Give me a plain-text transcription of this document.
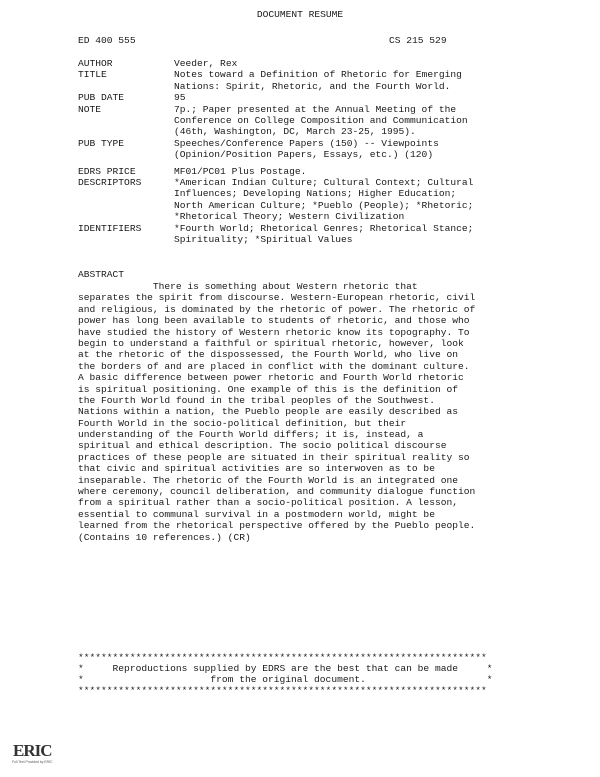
DOCUMENT RESUME
ED 400 555	CS 215 529
AUTHOR	Veeder, Rex
TITLE	Notes toward a Definition of Rhetoric for Emerging
Nations: Spirit, Rhetoric, and the Fourth World.
PUB DATE	95
NOTE	7p.; Paper presented at the Annual Meeting of the
Conference on College Composition and Communication
(46th, Washington, DC, March 23-25, 1995).
PUB TYPE	Speeches/Conference Papers (150) -- Viewpoints
(Opinion/Position Papers, Essays, etc.) (120)
EDRS PRICE	MF01/PC01 Plus Postage.
DESCRIPTORS	*American Indian Culture; Cultural Context; Cultural
Influences; Developing Nations; Higher Education;
North American Culture; *Pueblo (People); *Rhetoric;
*Rhetorical Theory; Western Civilization
IDENTIFIERS	*Fourth World; Rhetorical Genres; Rhetorical Stance;
Spirituality; *Spiritual Values
ABSTRACT
There is something about Western rhetoric that
separates the spirit from discourse. Western-European rhetoric, civil
and religious, is dominated by the rhetoric of power. The rhetoric of
power has long been available to students of rhetoric, and those who
have studied the history of Western rhetoric know its topography. To
begin to understand a faithful or spiritual rhetoric, however, look
at the rhetoric of the dispossessed, the Fourth World, who live on
the borders of and are placed in conflict with the dominant culture.
A basic difference between power rhetoric and Fourth World rhetoric
is spiritual positioning. One example of this is the definition of
the Fourth World found in the tribal peoples of the Southwest.
Nations within a nation, the Pueblo people are easily described as
Fourth World in the socio-political definition, but their
understanding of the Fourth World differs; it is, instead, a
spiritual and ethical description. The socio political discourse
practices of these people are situated in their spiritual reality so
that civic and spiritual activities are so interwoven as to be
inseparable. The rhetoric of the Fourth World is an integrated one
where ceremony, council deliberation, and community dialogue function
from a spiritual rather than a socio-political position. A lesson,
essential to communal survival in a postmodern world, might be
learned from the rhetorical perspective offered by the Pueblo people.
(Contains 10 references.) (CR)
***********************************************************************
*     Reproductions supplied by EDRS are the best that can be made     *
*                      from the original document.                     *
***********************************************************************
ERIC
Full Text Provided by ERIC
